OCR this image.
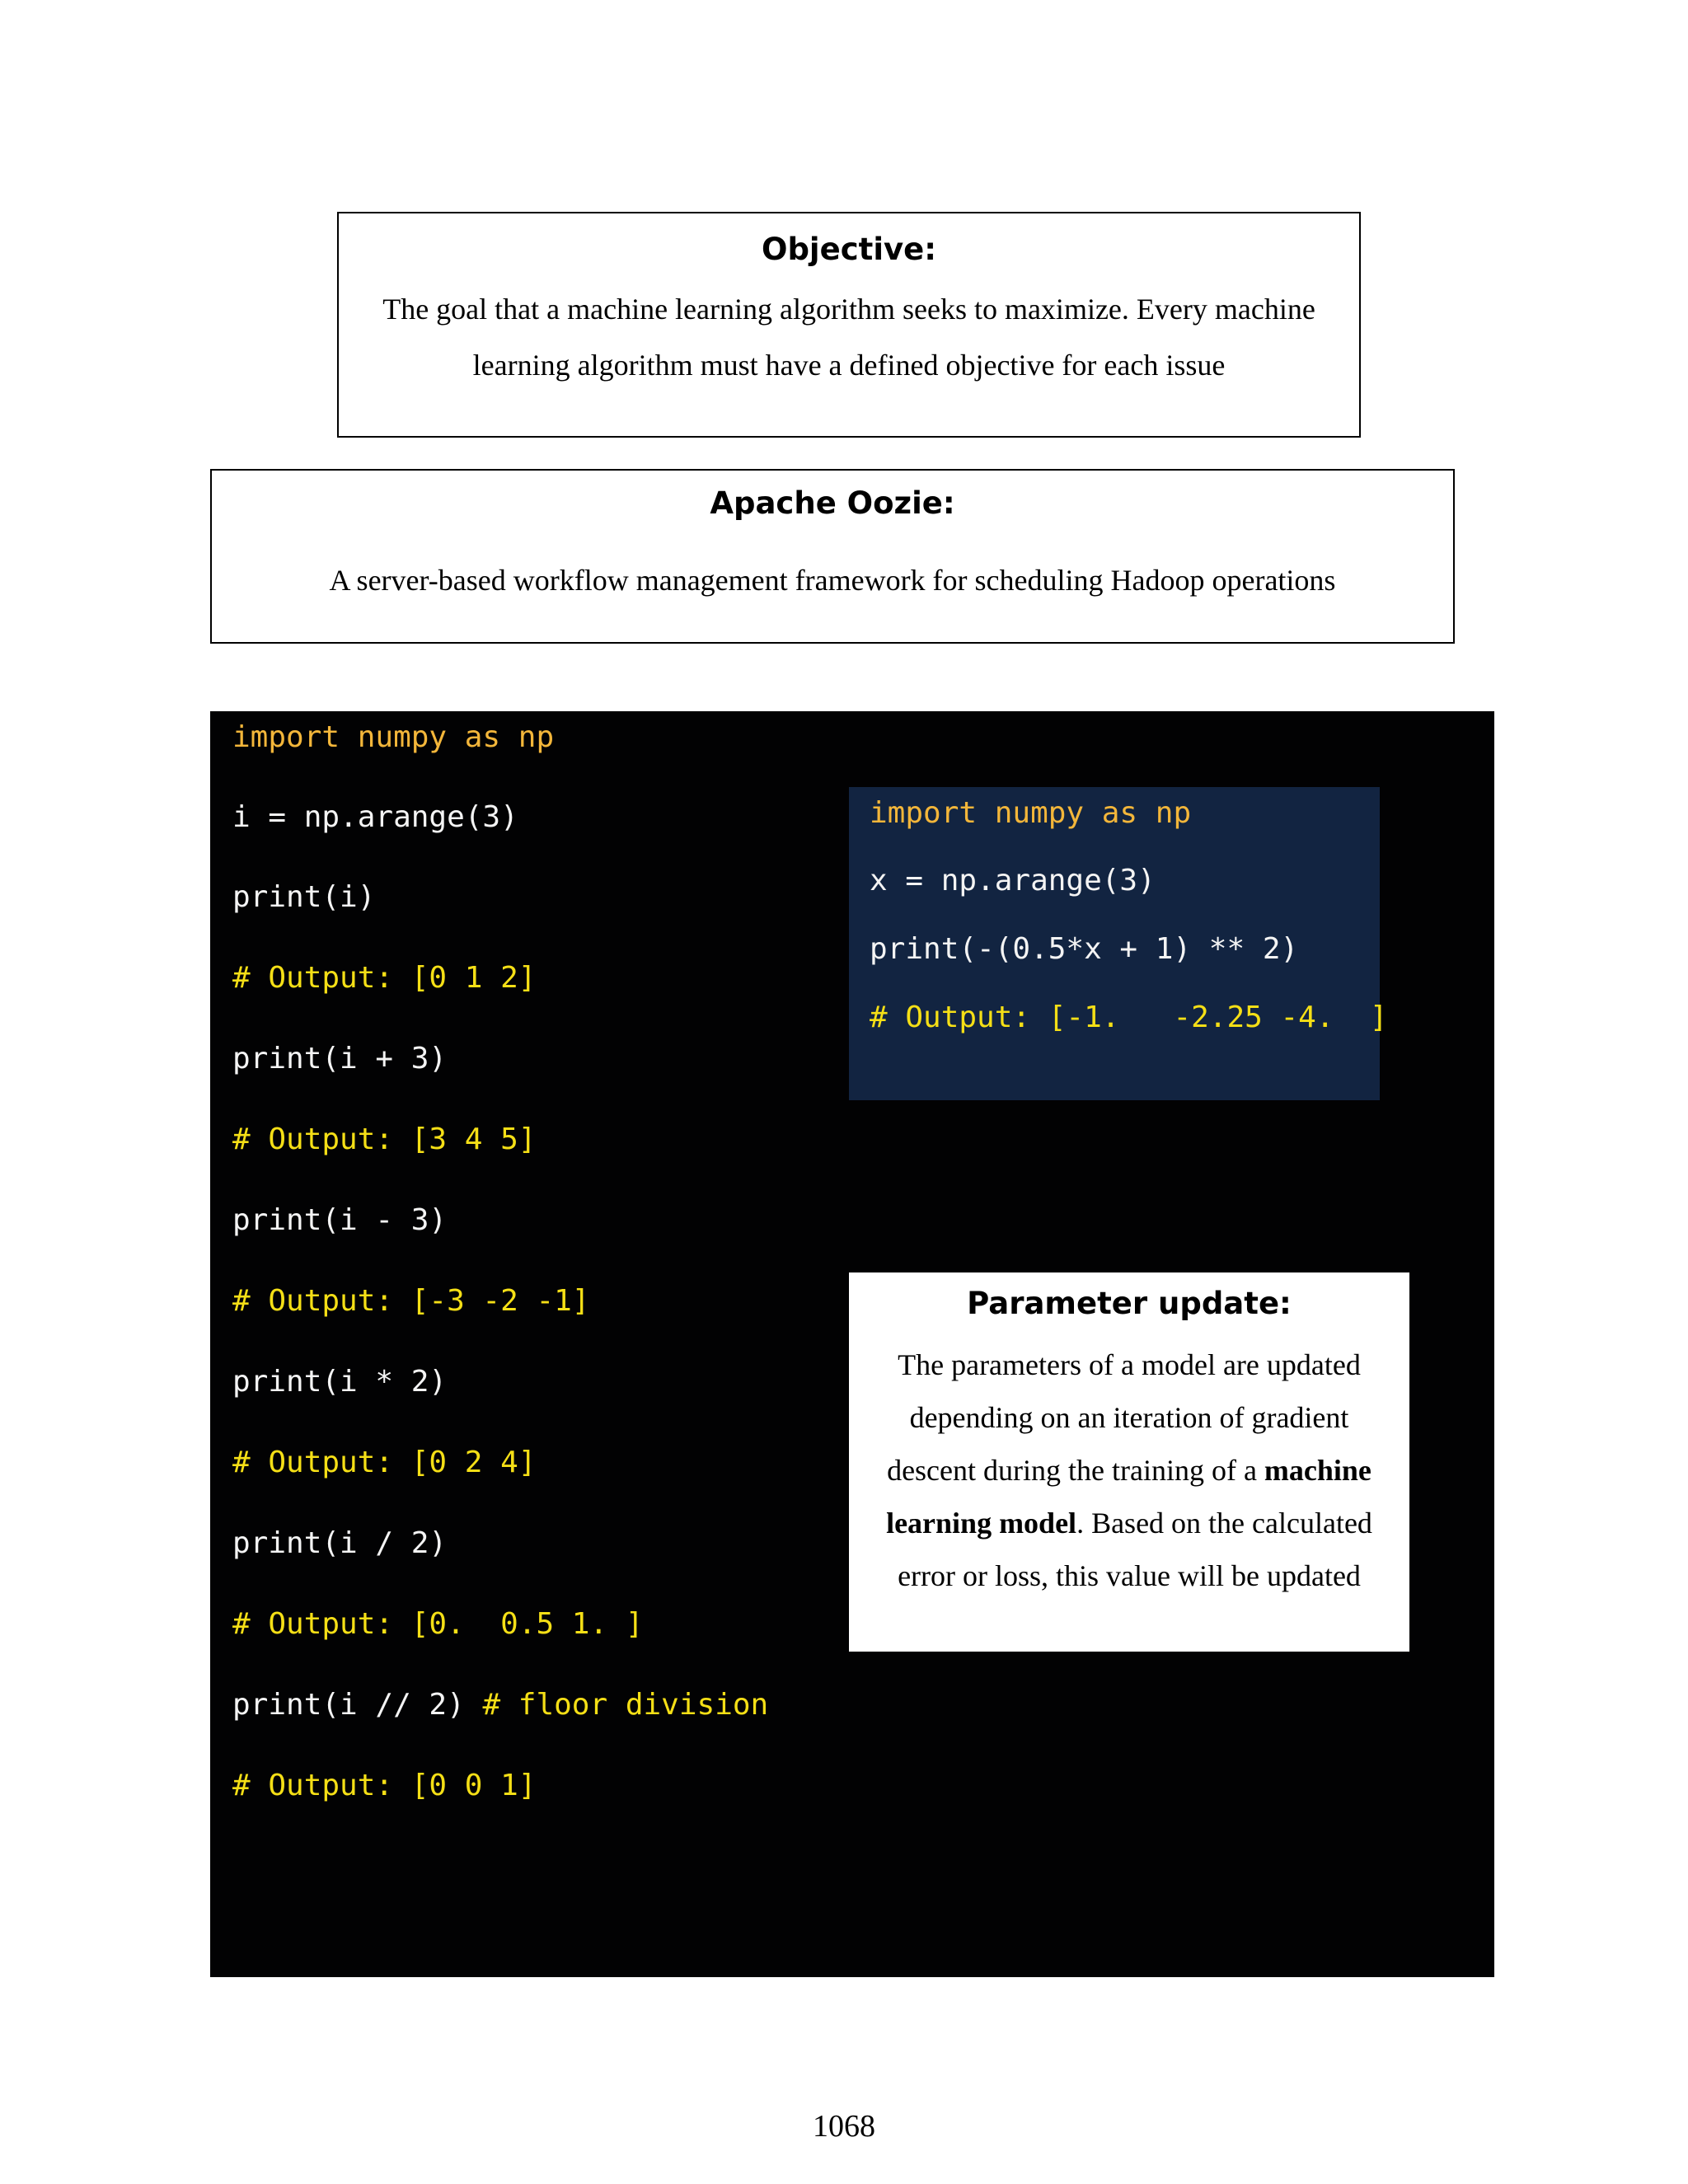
Objective:
The goal that a machine learning algorithm seeks to maximize. Every machine learning algorithm must have a defined objective for each issue
Apache Oozie:
A server-based workflow management framework for scheduling Hadoop operations
import numpy as np
i = np.arange(3)
print(i)
# Output: [0 1 2]
print(i + 3)
# Output: [3 4 5]
print(i - 3)
# Output: [-3 -2 -1]
print(i * 2)
# Output: [0 2 4]
print(i / 2)
# Output: [0.  0.5 1. ]
print(i // 2) # floor division
# Output: [0 0 1]
import numpy as np
x = np.arange(3)
print(-(0.5*x + 1) ** 2)
# Output: [-1.   -2.25 -4.  ]
Parameter update:
The parameters of a model are updated depending on an iteration of gradient descent during the training of a machine learning model. Based on the calculated error or loss, this value will be updated
1068
